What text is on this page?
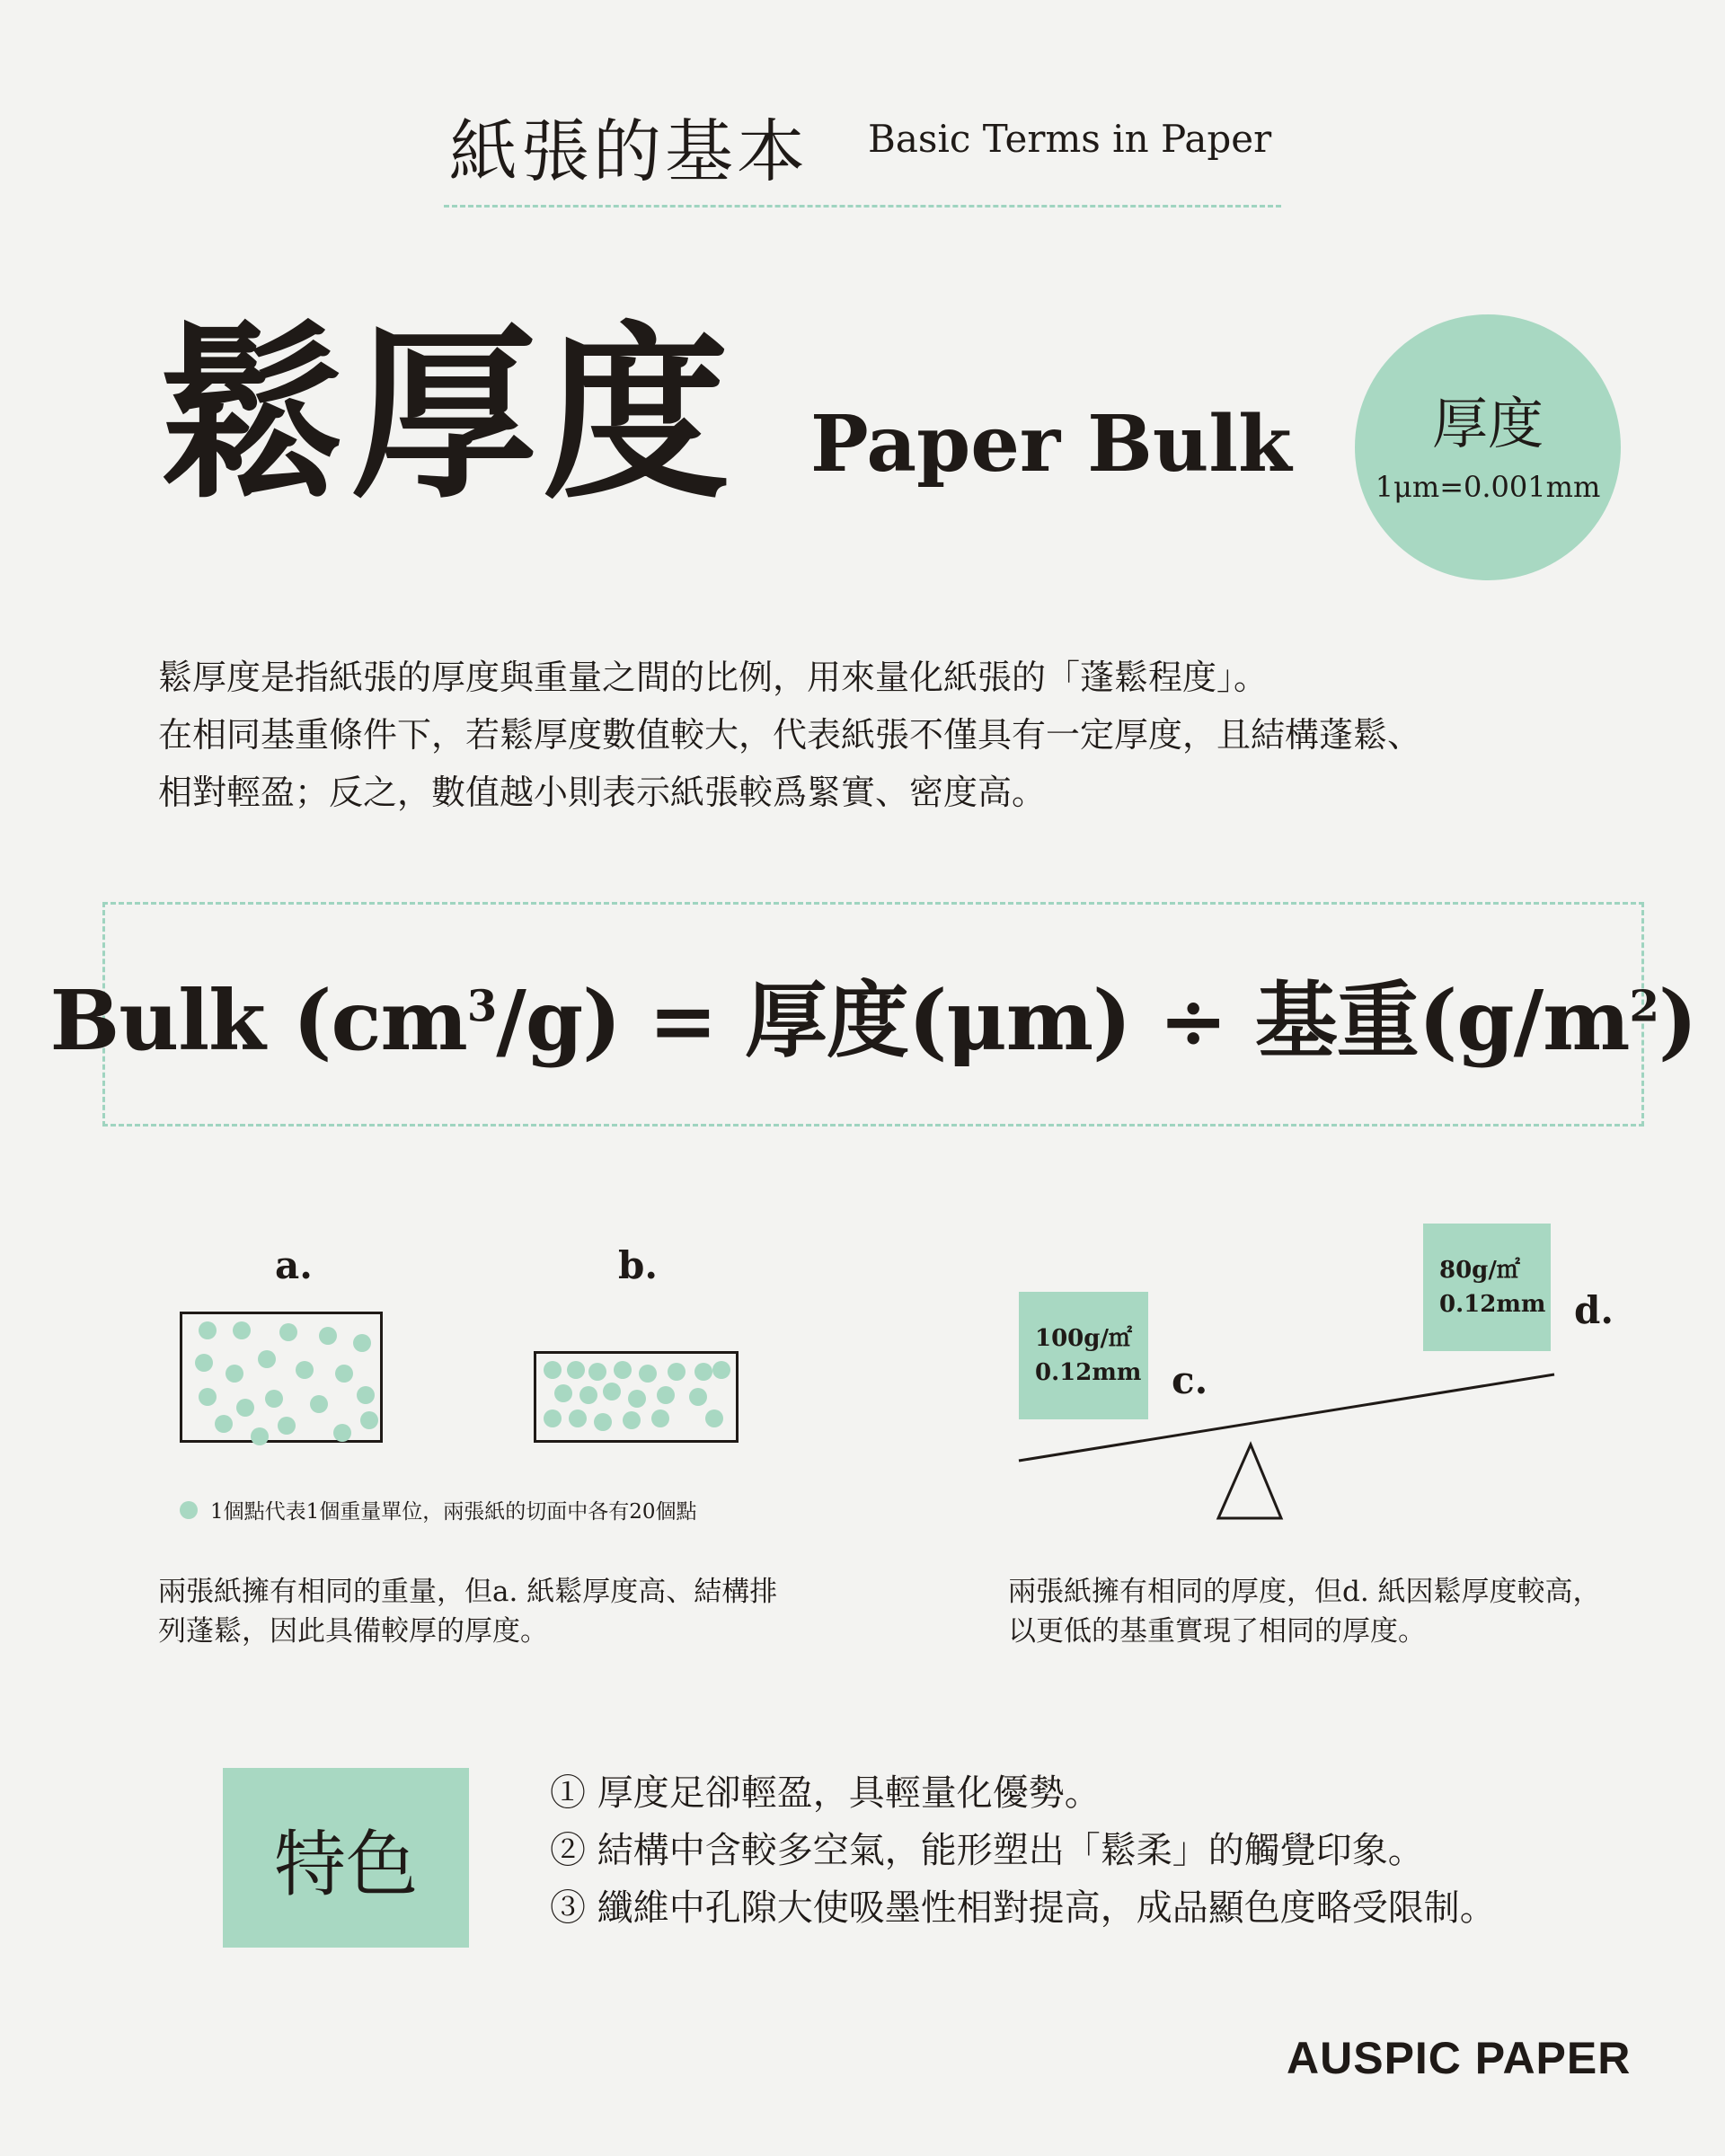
紙張的基本 Basic Terms in Paper
鬆厚度 Paper Bulk	厚度
1μm=0.001mm

鬆厚度是指紙張的厚度與重量之間的比例，用來量化紙張的「蓬鬆程度」。

在相同基重條件下，若鬆厚度數值較大，代表紙張不僅具有一定厚度，且結構蓬鬆、

相對輕盈；反之，數值越小則表示紙張較爲緊實、密度高。

Bulk $(cm^3/g)$ = 厚度(μm) ÷ 基重$(g/m^2)$
a.	b.
1個點代表1個重量單位，兩張紙的切面中各有20個點

兩張紙擁有相同的重量，但a. 紙鬆厚度高、結構排

列蓬鬆，因此具備較厚的厚度。

100g/㎡
0.12mm c.
80g/㎡
0.12mm d.

兩張紙擁有相同的厚度，但d. 紙因鬆厚度較高，

以更低的基重實現了相同的厚度。

特色

① 厚度足卻輕盈，具輕量化優勢。

② 結構中含較多空氣，能形塑出「鬆柔」的觸覺印象。

③ 纖維中孔隙大使吸墨性相對提高，成品顯色度略受限制。

AUSPIC PAPER
